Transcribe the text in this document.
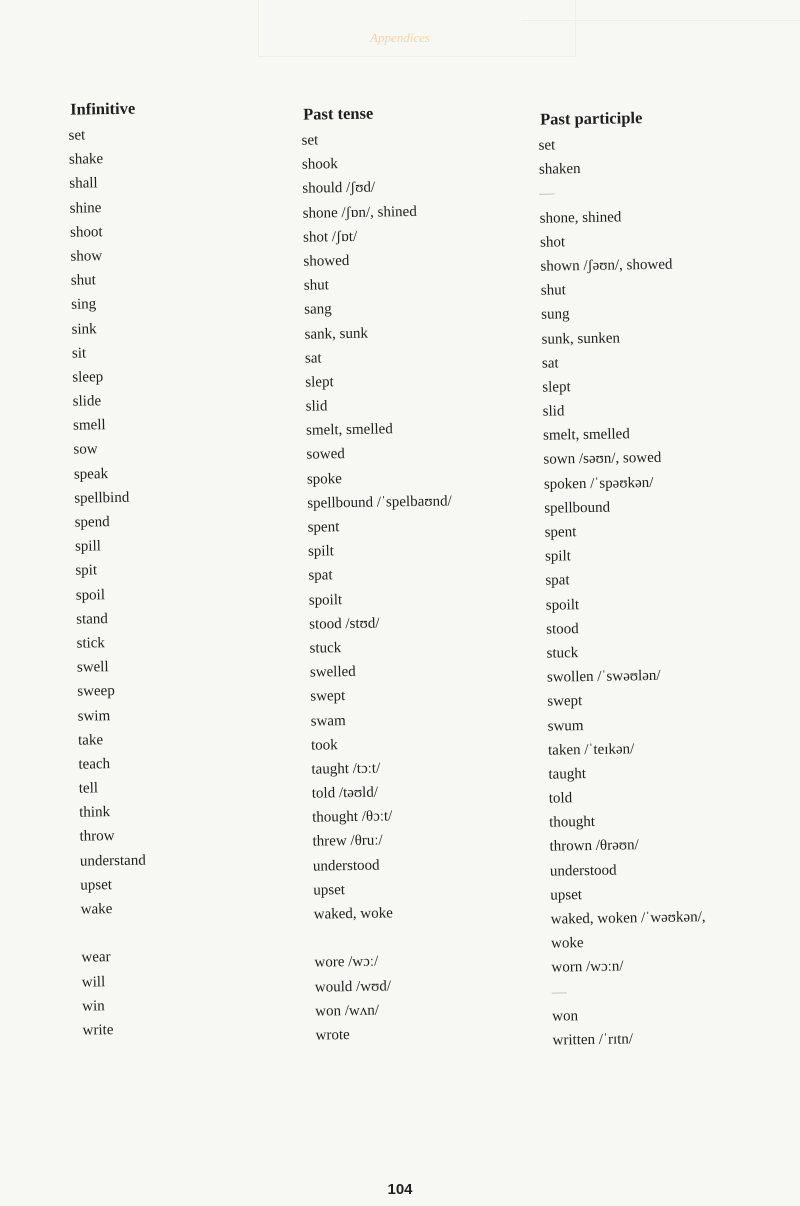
Appendices
Infinitive
set
shake
shall
shine
shoot
show
shut
sing
sink
sit
sleep
slide
smell
sow
speak
spellbind
spend
spill
spit
spoil
stand
stick
swell
sweep
swim
take
teach
tell
think
throw
understand
upset
wake
wear
will
win
write
Past tense
set
shook
should /ʃʊd/
shone /ʃɒn/, shined
shot /ʃɒt/
showed
shut
sang
sank, sunk
sat
slept
slid
smelt, smelled
sowed
spoke
spellbound /ˈspelbaʊnd/
spent
spilt
spat
spoilt
stood /stʊd/
stuck
swelled
swept
swam
took
taught /tɔːt/
told /təʊld/
thought /θɔːt/
threw /θruː/
understood
upset
waked, woke
wore /wɔː/
would /wʊd/
won /wʌn/
wrote
Past participle
set
shaken
—
shone, shined
shot
shown /ʃəʊn/, showed
shut
sung
sunk, sunken
sat
slept
slid
smelt, smelled
sown /səʊn/, sowed
spoken /ˈspəʊkən/
spellbound
spent
spilt
spat
spoilt
stood
stuck
swollen /ˈswəʊlən/
swept
swum
taken /ˈteɪkən/
taught
told
thought
thrown /θrəʊn/
understood
upset
waked, woken /ˈwəʊkən/,
woke
worn /wɔːn/
—
won
written /ˈrɪtn/
104
